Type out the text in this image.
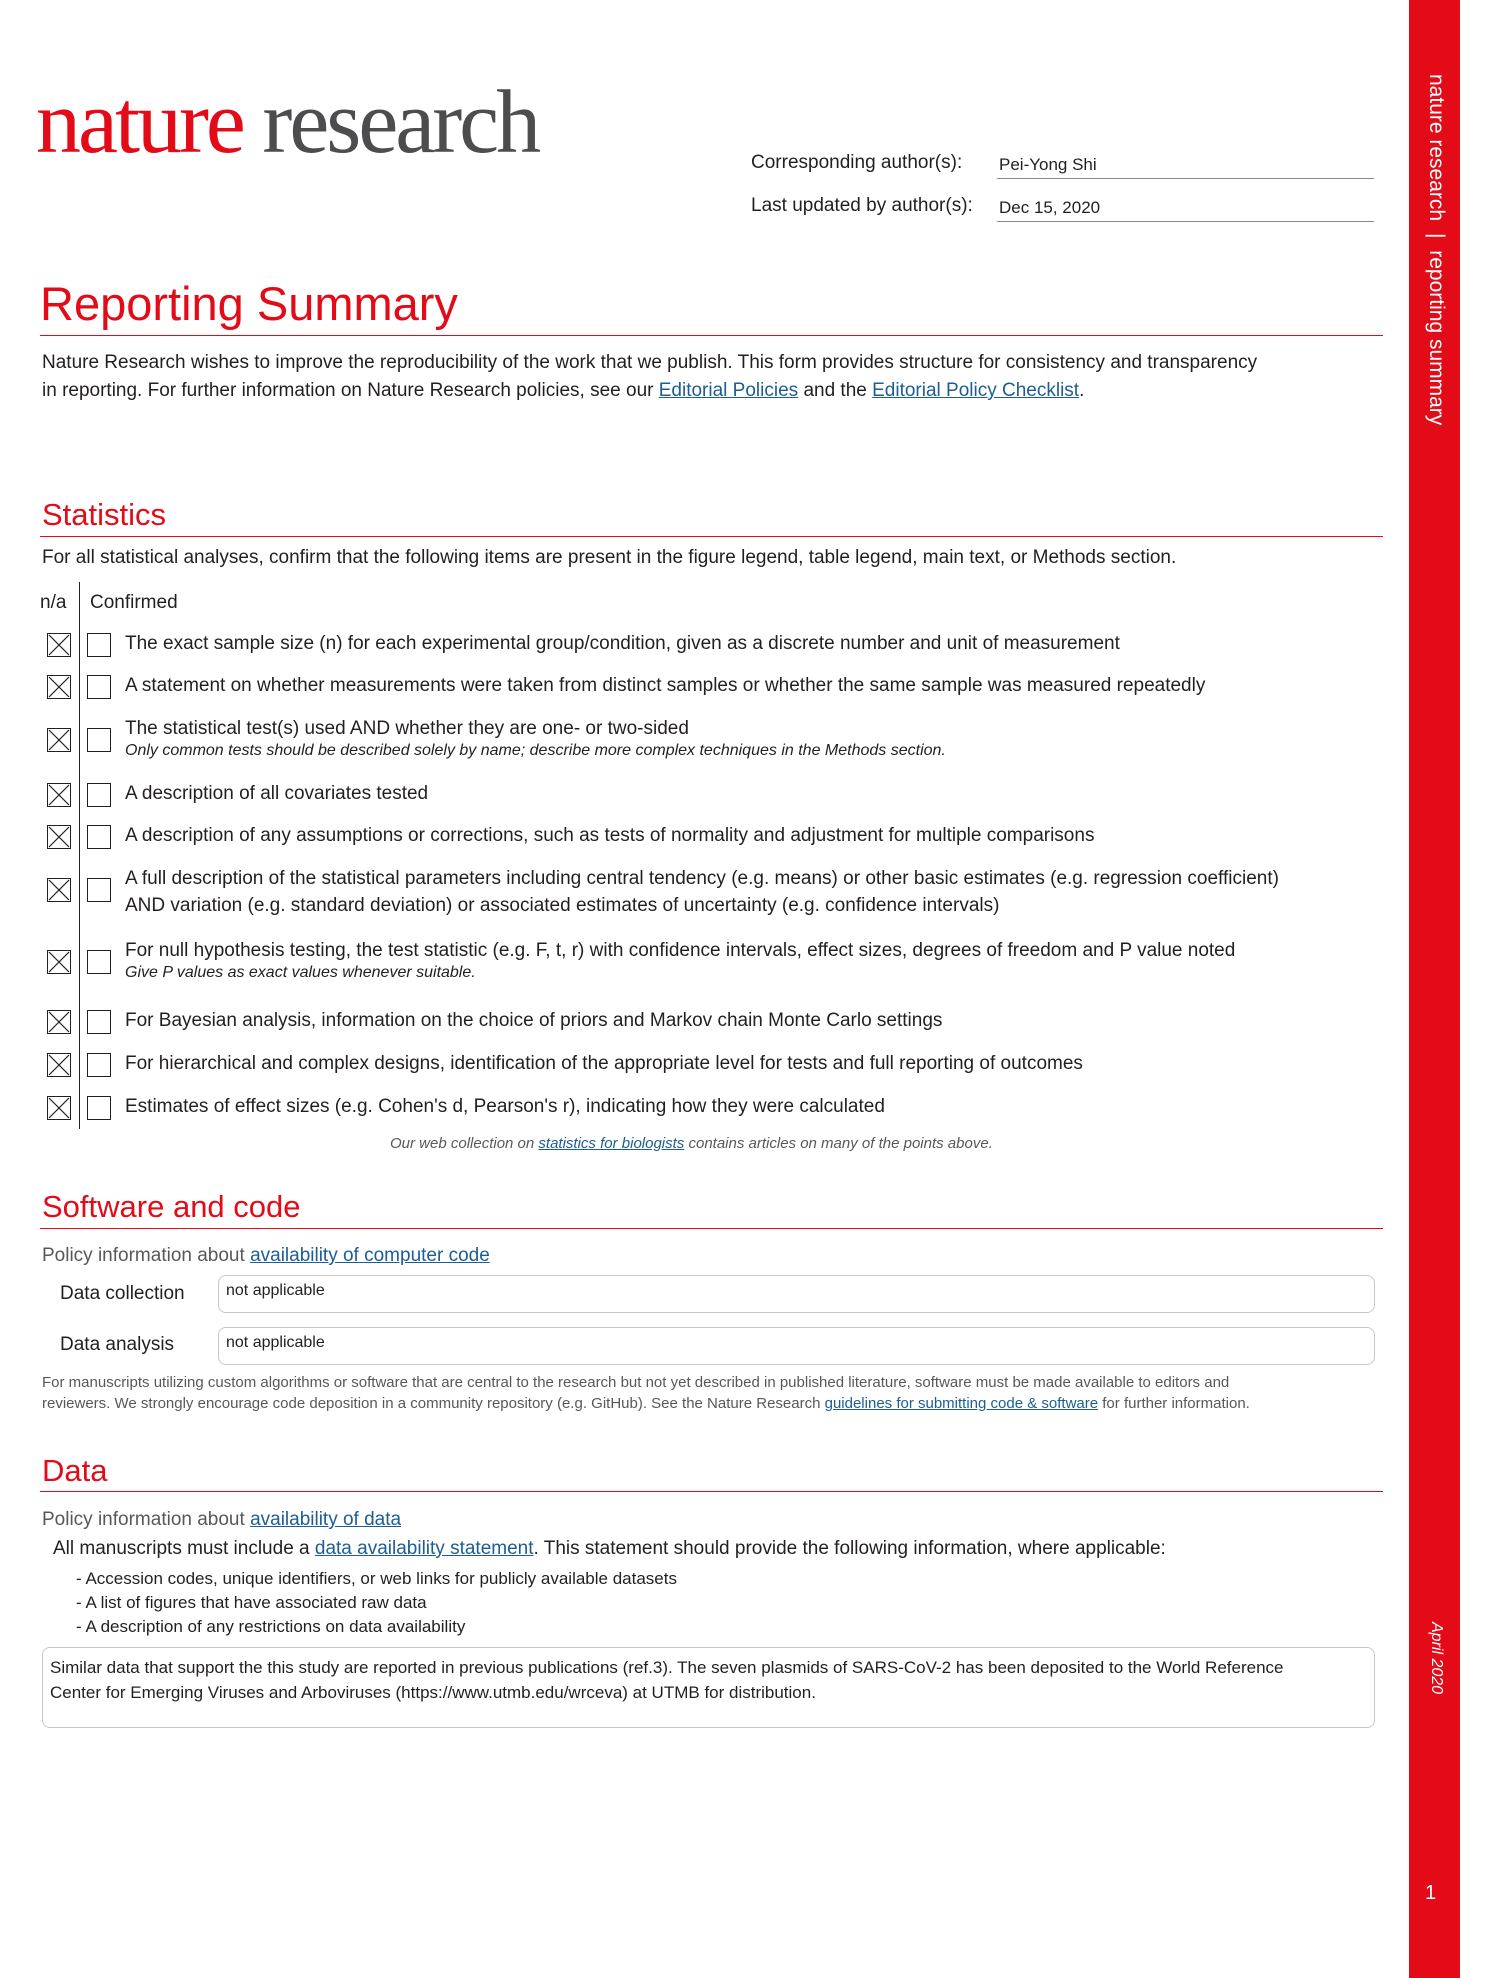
nature research | reporting summary
April 2020
1
nature research	Corresponding author(s): Pei-Yong Shi
Last updated by author(s): Dec 15, 2020
Reporting Summary
Nature Research wishes to improve the reproducibility of the work that we publish. This form provides structure for consistency and transparency
in reporting. For further information on Nature Research policies, see our Editorial Policies and the Editorial Policy Checklist.
Statistics
For all statistical analyses, confirm that the following items are present in the figure legend, table legend, main text, or Methods section.
n/a Confirmed
The exact sample size (n) for each experimental group/condition, given as a discrete number and unit of measurement
A statement on whether measurements were taken from distinct samples or whether the same sample was measured repeatedly
The statistical test(s) used AND whether they are one- or two-sided
Only common tests should be described solely by name; describe more complex techniques in the Methods section.
A description of all covariates tested
A description of any assumptions or corrections, such as tests of normality and adjustment for multiple comparisons
A full description of the statistical parameters including central tendency (e.g. means) or other basic estimates (e.g. regression coefficient)
AND variation (e.g. standard deviation) or associated estimates of uncertainty (e.g. confidence intervals)
For null hypothesis testing, the test statistic (e.g. F, t, r) with confidence intervals, effect sizes, degrees of freedom and P value noted
Give P values as exact values whenever suitable.
For Bayesian analysis, information on the choice of priors and Markov chain Monte Carlo settings
For hierarchical and complex designs, identification of the appropriate level for tests and full reporting of outcomes
Estimates of effect sizes (e.g. Cohen's d, Pearson's r), indicating how they were calculated
Our web collection on statistics for biologists contains articles on many of the points above.
Software and code
Policy information about availability of computer code
Data collection	not applicable
Data analysis	not applicable
For manuscripts utilizing custom algorithms or software that are central to the research but not yet described in published literature, software must be made available to editors and
reviewers. We strongly encourage code deposition in a community repository (e.g. GitHub). See the Nature Research guidelines for submitting code & software for further information.
Data
Policy information about availability of data
All manuscripts must include a data availability statement. This statement should provide the following information, where applicable:
- Accession codes, unique identifiers, or web links for publicly available datasets
- A list of figures that have associated raw data
- A description of any restrictions on data availability
Similar data that support the this study are reported in previous publications (ref.3). The seven plasmids of SARS-CoV-2 has been deposited to the World Reference
Center for Emerging Viruses and Arboviruses (https://www.utmb.edu/wrceva) at UTMB for distribution.
